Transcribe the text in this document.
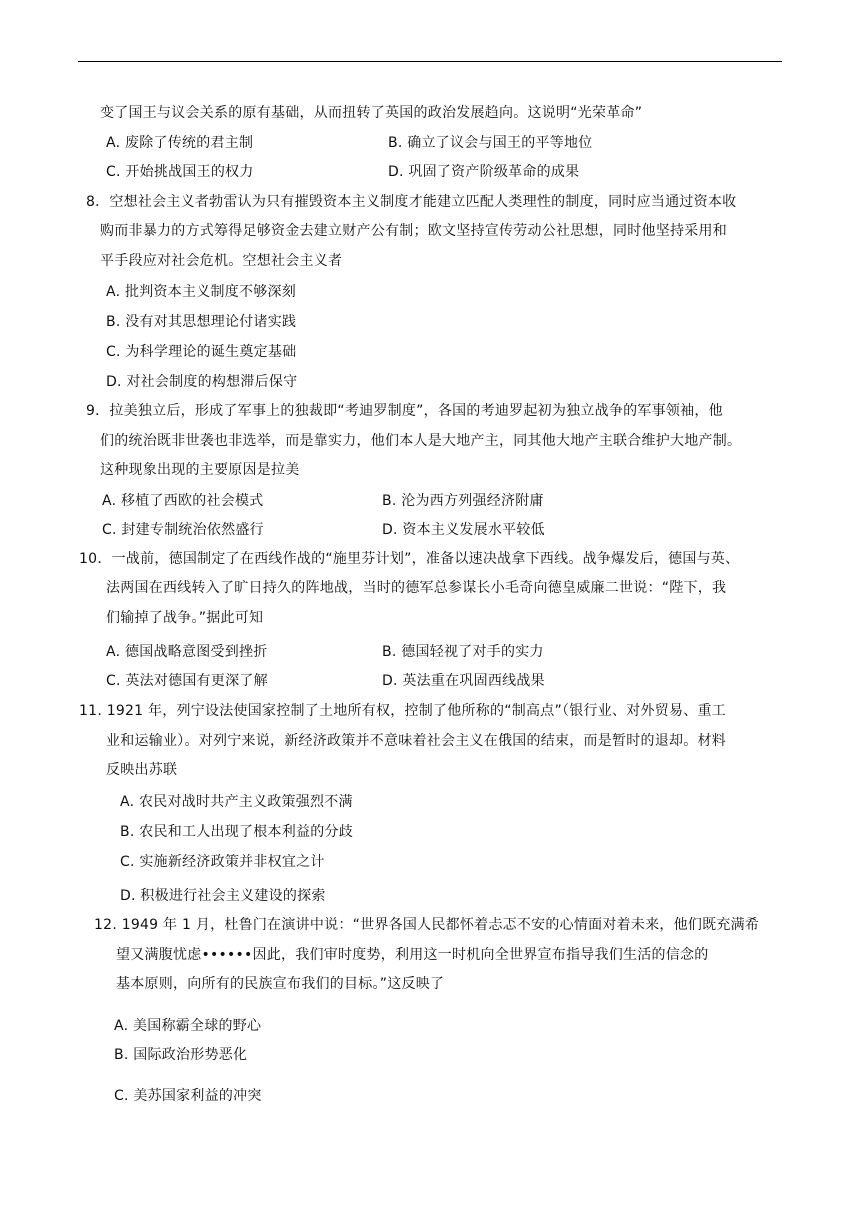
变了国王与议会关系的原有基础，从而扭转了英国的政治发展趋向。这说明“光荣革命”
A. 废除了传统的君主制	B. 确立了议会与国王的平等地位
C. 开始挑战国王的权力	D. 巩固了资产阶级革命的成果
8．空想社会主义者勃雷认为只有摧毁资本主义制度才能建立匹配人类理性的制度，同时应当通过资本收
购而非暴力的方式筹得足够资金去建立财产公有制；欧文坚持宣传劳动公社思想，同时他坚持采用和
平手段应对社会危机。空想社会主义者
A. 批判资本主义制度不够深刻
B. 没有对其思想理论付诸实践
C. 为科学理论的诞生奠定基础
D. 对社会制度的构想滞后保守
9．拉美独立后，形成了军事上的独裁即“考迪罗制度”，各国的考迪罗起初为独立战争的军事领袖，他
们的统治既非世袭也非选举，而是靠实力，他们本人是大地产主，同其他大地产主联合维护大地产制。
这种现象出现的主要原因是拉美
A. 移植了西欧的社会模式	B. 沦为西方列强经济附庸
C. 封建专制统治依然盛行	D. 资本主义发展水平较低
10．一战前，德国制定了在西线作战的“施里芬计划”，准备以速决战拿下西线。战争爆发后，德国与英、
法两国在西线转入了旷日持久的阵地战，当时的德军总参谋长小毛奇向德皇威廉二世说：“陛下，我
们输掉了战争。”据此可知
A. 德国战略意图受到挫折	B. 德国轻视了对手的实力
C. 英法对德国有更深了解	D. 英法重在巩固西线战果
11. 1921 年，列宁设法使国家控制了土地所有权，控制了他所称的“制高点”（银行业、对外贸易、重工
业和运输业）。对列宁来说，新经济政策并不意味着社会主义在俄国的结束，而是暂时的退却。材料
反映出苏联
A. 农民对战时共产主义政策强烈不满
B. 农民和工人出现了根本利益的分歧
C. 实施新经济政策并非权宜之计
D. 积极进行社会主义建设的探索
12. 1949 年 1 月，杜鲁门在演讲中说：“世界各国人民都怀着忐忑不安的心情面对着未来，他们既充满希
望又满腹忧虑••••••因此，我们审时度势，利用这一时机向全世界宣布指导我们生活的信念的
基本原则，向所有的民族宣布我们的目标。”这反映了
A. 美国称霸全球的野心
B. 国际政治形势恶化
C. 美苏国家利益的冲突
